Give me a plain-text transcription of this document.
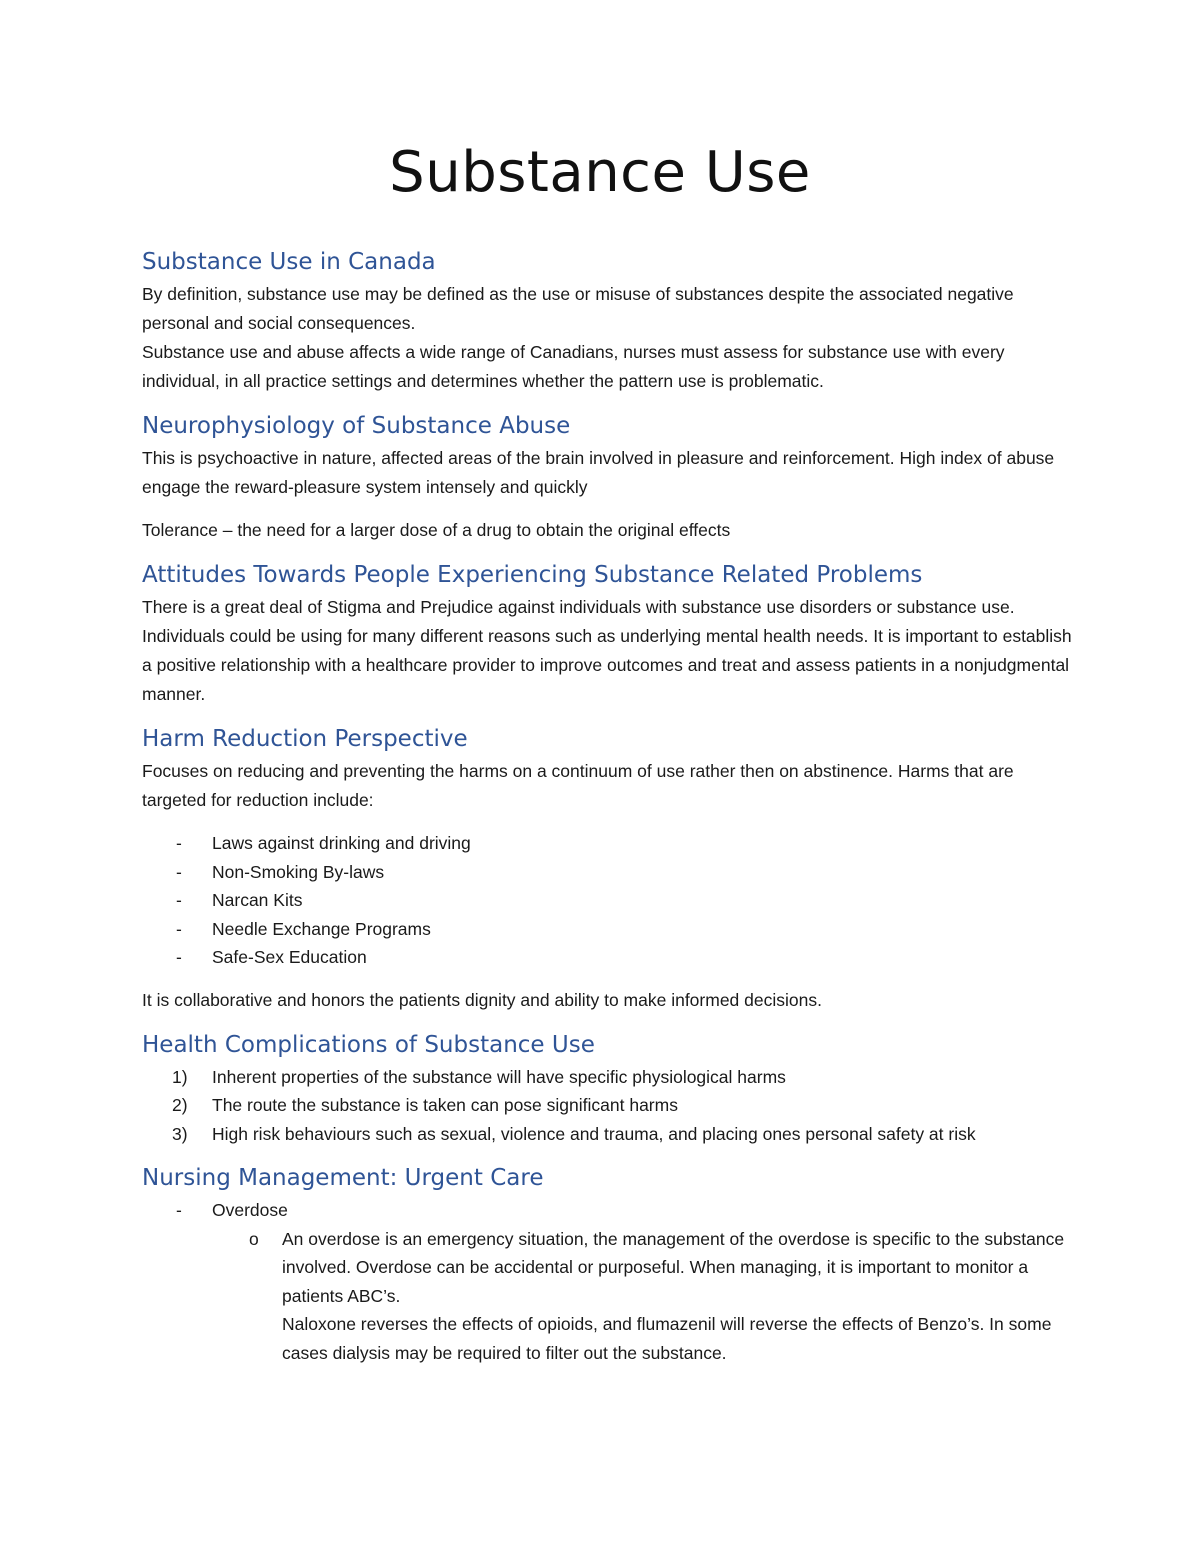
Substance Use
Substance Use in Canada

By definition, substance use may be defined as the use or misuse of substances despite the associated negative personal and social consequences.

Substance use and abuse affects a wide range of Canadians, nurses must assess for substance use with every individual, in all practice settings and determines whether the pattern use is problematic.

Neurophysiology of Substance Abuse

This is psychoactive in nature, affected areas of the brain involved in pleasure and reinforcement. High index of abuse engage the reward-pleasure system intensely and quickly

Tolerance – the need for a larger dose of a drug to obtain the original effects

Attitudes Towards People Experiencing Substance Related Problems

There is a great deal of Stigma and Prejudice against individuals with substance use disorders or substance use. Individuals could be using for many different reasons such as underlying mental health needs. It is important to establish a positive relationship with a healthcare provider to improve outcomes and treat and assess patients in a nonjudgmental manner.

Harm Reduction Perspective

Focuses on reducing and preventing the harms on a continuum of use rather then on abstinence. Harms that are targeted for reduction include:

- Laws against drinking and driving
- Non-Smoking By-laws
- Narcan Kits
- Needle Exchange Programs
- Safe-Sex Education

It is collaborative and honors the patients dignity and ability to make informed decisions.

Health Complications of Substance Use
1) Inherent properties of the substance will have specific physiological harms
2) The route the substance is taken can pose significant harms
3) High risk behaviours such as sexual, violence and trauma, and placing ones personal safety at risk
Nursing Management: Urgent Care
- Overdose
o An overdose is an emergency situation, the management of the overdose is specific to the substance involved. Overdose can be accidental or purposeful. When managing, it is important to monitor a patients ABC’s.
Naloxone reverses the effects of opioids, and flumazenil will reverse the effects of Benzo’s. In some cases dialysis may be required to filter out the substance.
